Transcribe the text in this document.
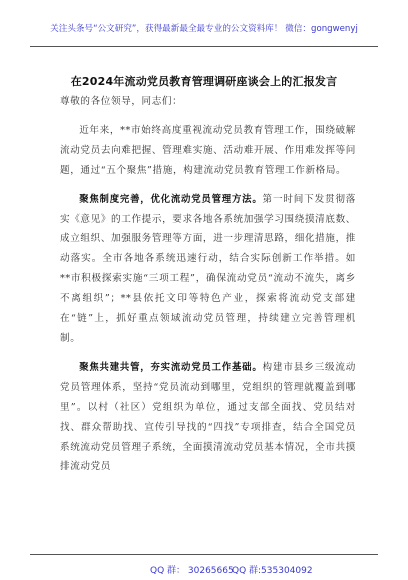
关注头条号“公文研究”，获得最新最全最专业的公文资料库！ 微信：gongwenyj
在2024年流动党员教育管理调研座谈会上的汇报发言

尊敬的各位领导，同志们：

近年来，**市始终高度重视流动党员教育管理工作，围绕破解流动党员去向难把握、管理难实施、活动难开展、作用难发挥等问题，通过“五个聚焦”措施，构建流动党员教育管理工作新格局。

聚焦制度完善，优化流动党员管理方法。第一时间下发贯彻落实《意见》的工作提示，要求各地各系统加强学习围绕摸清底数、成立组织、加强服务管理等方面，进一步理清思路，细化措施，推动落实。全市各地各系统迅速行动，结合实际创新工作举措。如**市积极探索实施“三项工程”，确保流动党员“流动不流失，离乡不离组织”；**县依托文印等特色产业，探索将流动党支部建在“链”上，抓好重点领域流动党员管理，持续建立完善管理机制。

聚焦共建共管，夯实流动党员工作基础。构建市县乡三级流动党员管理体系，坚持“党员流动到哪里，党组织的管理就覆盖到哪里”。以村（社区）党组织为单位，通过支部全面找、党员结对找、群众帮助找、宣传引导找的“四找”专项排查，结合全国党员系统流动党员管理子系统，全面摸清流动党员基本情况，全市共摸排流动党员

QQ 群： 30265665
QQ 群:535304092
